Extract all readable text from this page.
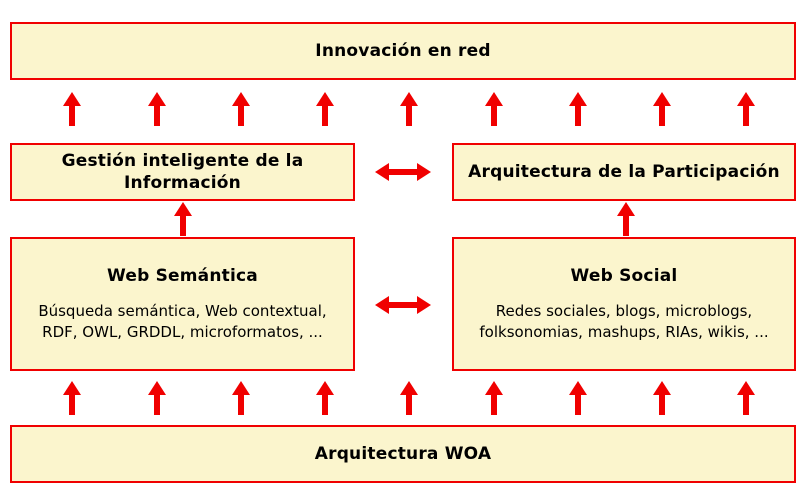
Innovación en red
Gestión inteligente de la Información
Arquitectura de la Participación
Web Semántica
Búsqueda semántica, Web contextual,
RDF, OWL, GRDDL, microformatos, ...
Web Social
Redes sociales, blogs, microblogs,
folksonomias, mashups, RIAs, wikis, ...
Arquitectura WOA
